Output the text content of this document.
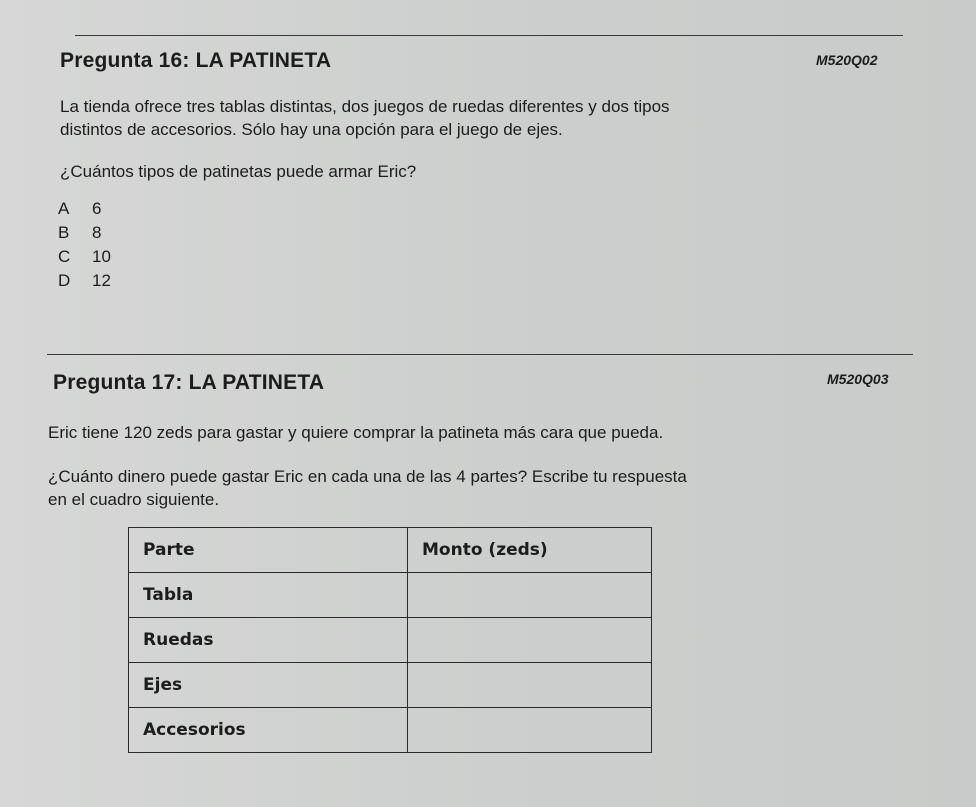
Pregunta 16: LA PATINETA	M520Q02
La tienda ofrece tres tablas distintas, dos juegos de ruedas diferentes y dos tipos
distintos de accesorios. Sólo hay una opción para el juego de ejes.
¿Cuántos tipos de patinetas puede armar Eric?
A 6
B 8
C 10
D 12
Pregunta 17: LA PATINETA	M520Q03
Eric tiene 120 zeds para gastar y quiere comprar la patineta más cara que pueda.
¿Cuánto dinero puede gastar Eric en cada una de las 4 partes? Escribe tu respuesta
en el cuadro siguiente.
Parte	Monto (zeds)
Tabla	
Ruedas	
Ejes	
Accesorios	
